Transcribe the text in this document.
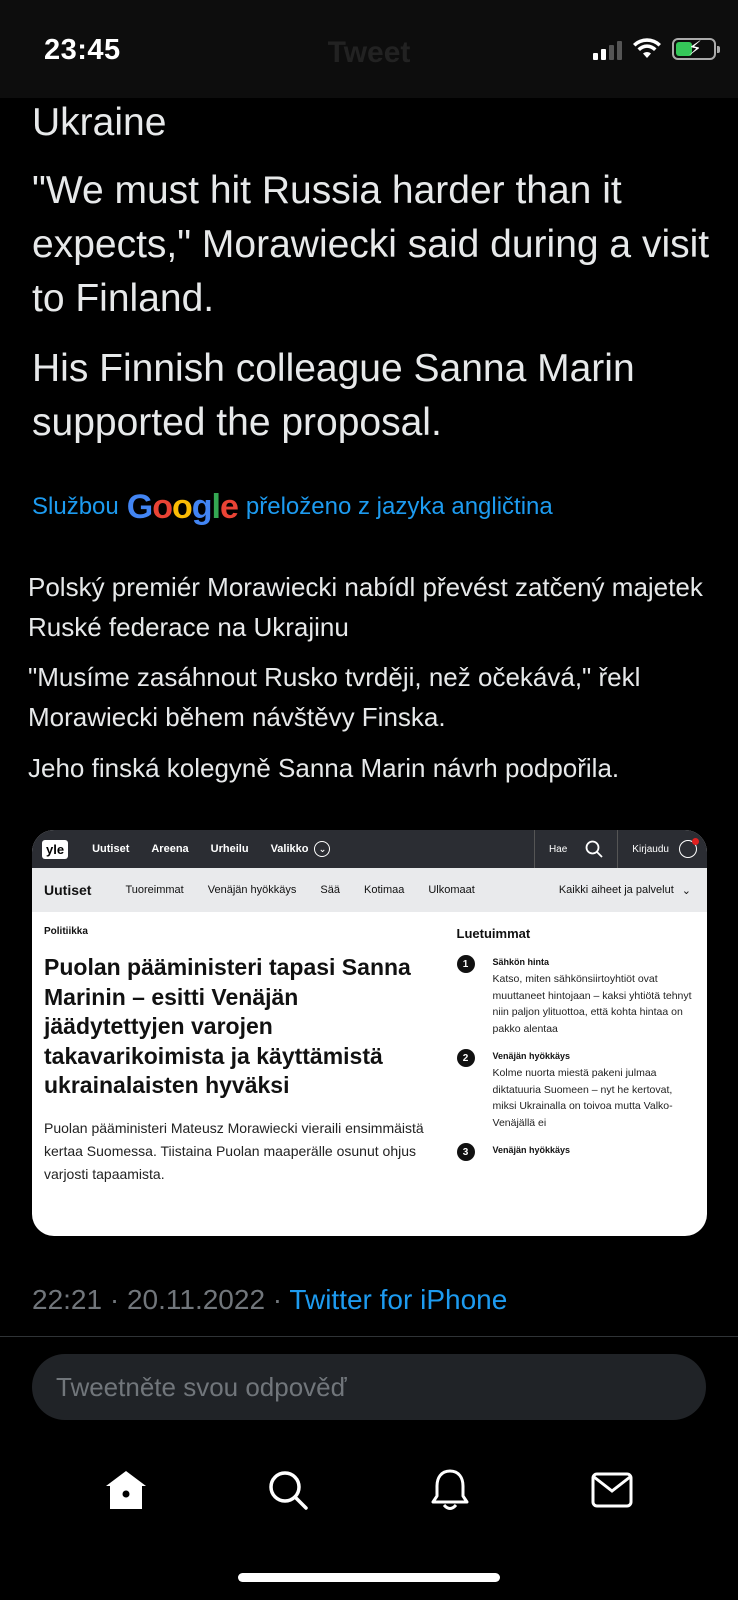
Tweet
23:45	⚡
Ukraine
"We must hit Russia harder than it expects," Morawiecki said during a visit to Finland.
His Finnish colleague Sanna Marin supported the proposal.
Službou Google přeloženo z jazyka angličtina
Polský premiér Morawiecki nabídl převést zatčený majetek Ruské federace na Ukrajinu
"Musíme zasáhnout Rusko tvrději, než očekává," řekl Morawiecki během návštěvy Finska.
Jeho finská kolegyně Sanna Marin návrh podpořila.
yle	Uutiset Areena Urheilu Valikko	⌄	Hae	Kirjaudu
Uutiset	Tuoreimmat Venäjän hyökkäys Sää Kotimaa Ulkomaat	Kaikki aiheet ja palvelut ⌄
Politiikka
Puolan pääministeri tapasi Sanna Marinin – esitti Venäjän jäädytettyjen varojen takavarikoimista ja käyttämistä ukrainalaisten hyväksi
Puolan pääministeri Mateusz Morawiecki vieraili ensimmäistä kertaa Suomessa. Tiistaina Puolan maaperälle osunut ohjus varjosti tapaamista.
Luetuimmat
1	Sähkön hinta
Katso, miten sähkönsiirtoyhtiöt ovat muuttaneet hintojaan – kaksi yhtiötä tehnyt niin paljon ylituottoa, että kohta hintaa on pakko alentaa
2	Venäjän hyökkäys
Kolme nuorta miestä pakeni julmaa diktatuuria Suomeen – nyt he kertovat, miksi Ukrainalla on toivoa mutta Valko-Venäjällä ei
3	Venäjän hyökkäys
22:21 · 20.11.2022 · Twitter for iPhone
Tweetněte svou odpověď
